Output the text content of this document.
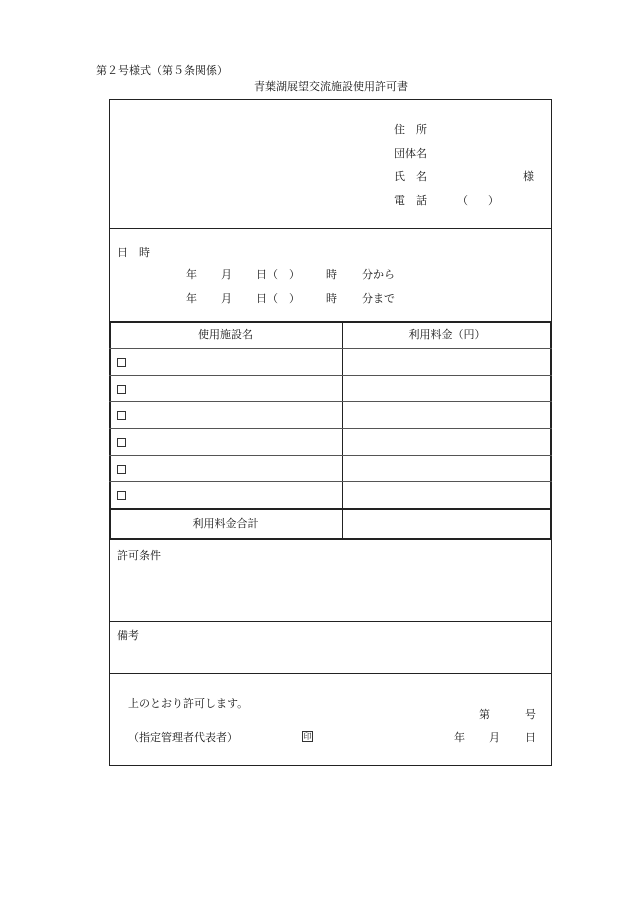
第２号様式（第５条関係）
青葉湖展望交流施設使用許可書
住　所
団体名
氏　名	様
電　話	（ ）
日　時
年 月 日（ ） 時 分から
年 月 日（ ） 時 分まで
使用施設名	利用料金（円）
利用料金合計
許可条件
備考
上のとおり許可します。
第	号
（指定管理者代表者）	印	年 月 日
